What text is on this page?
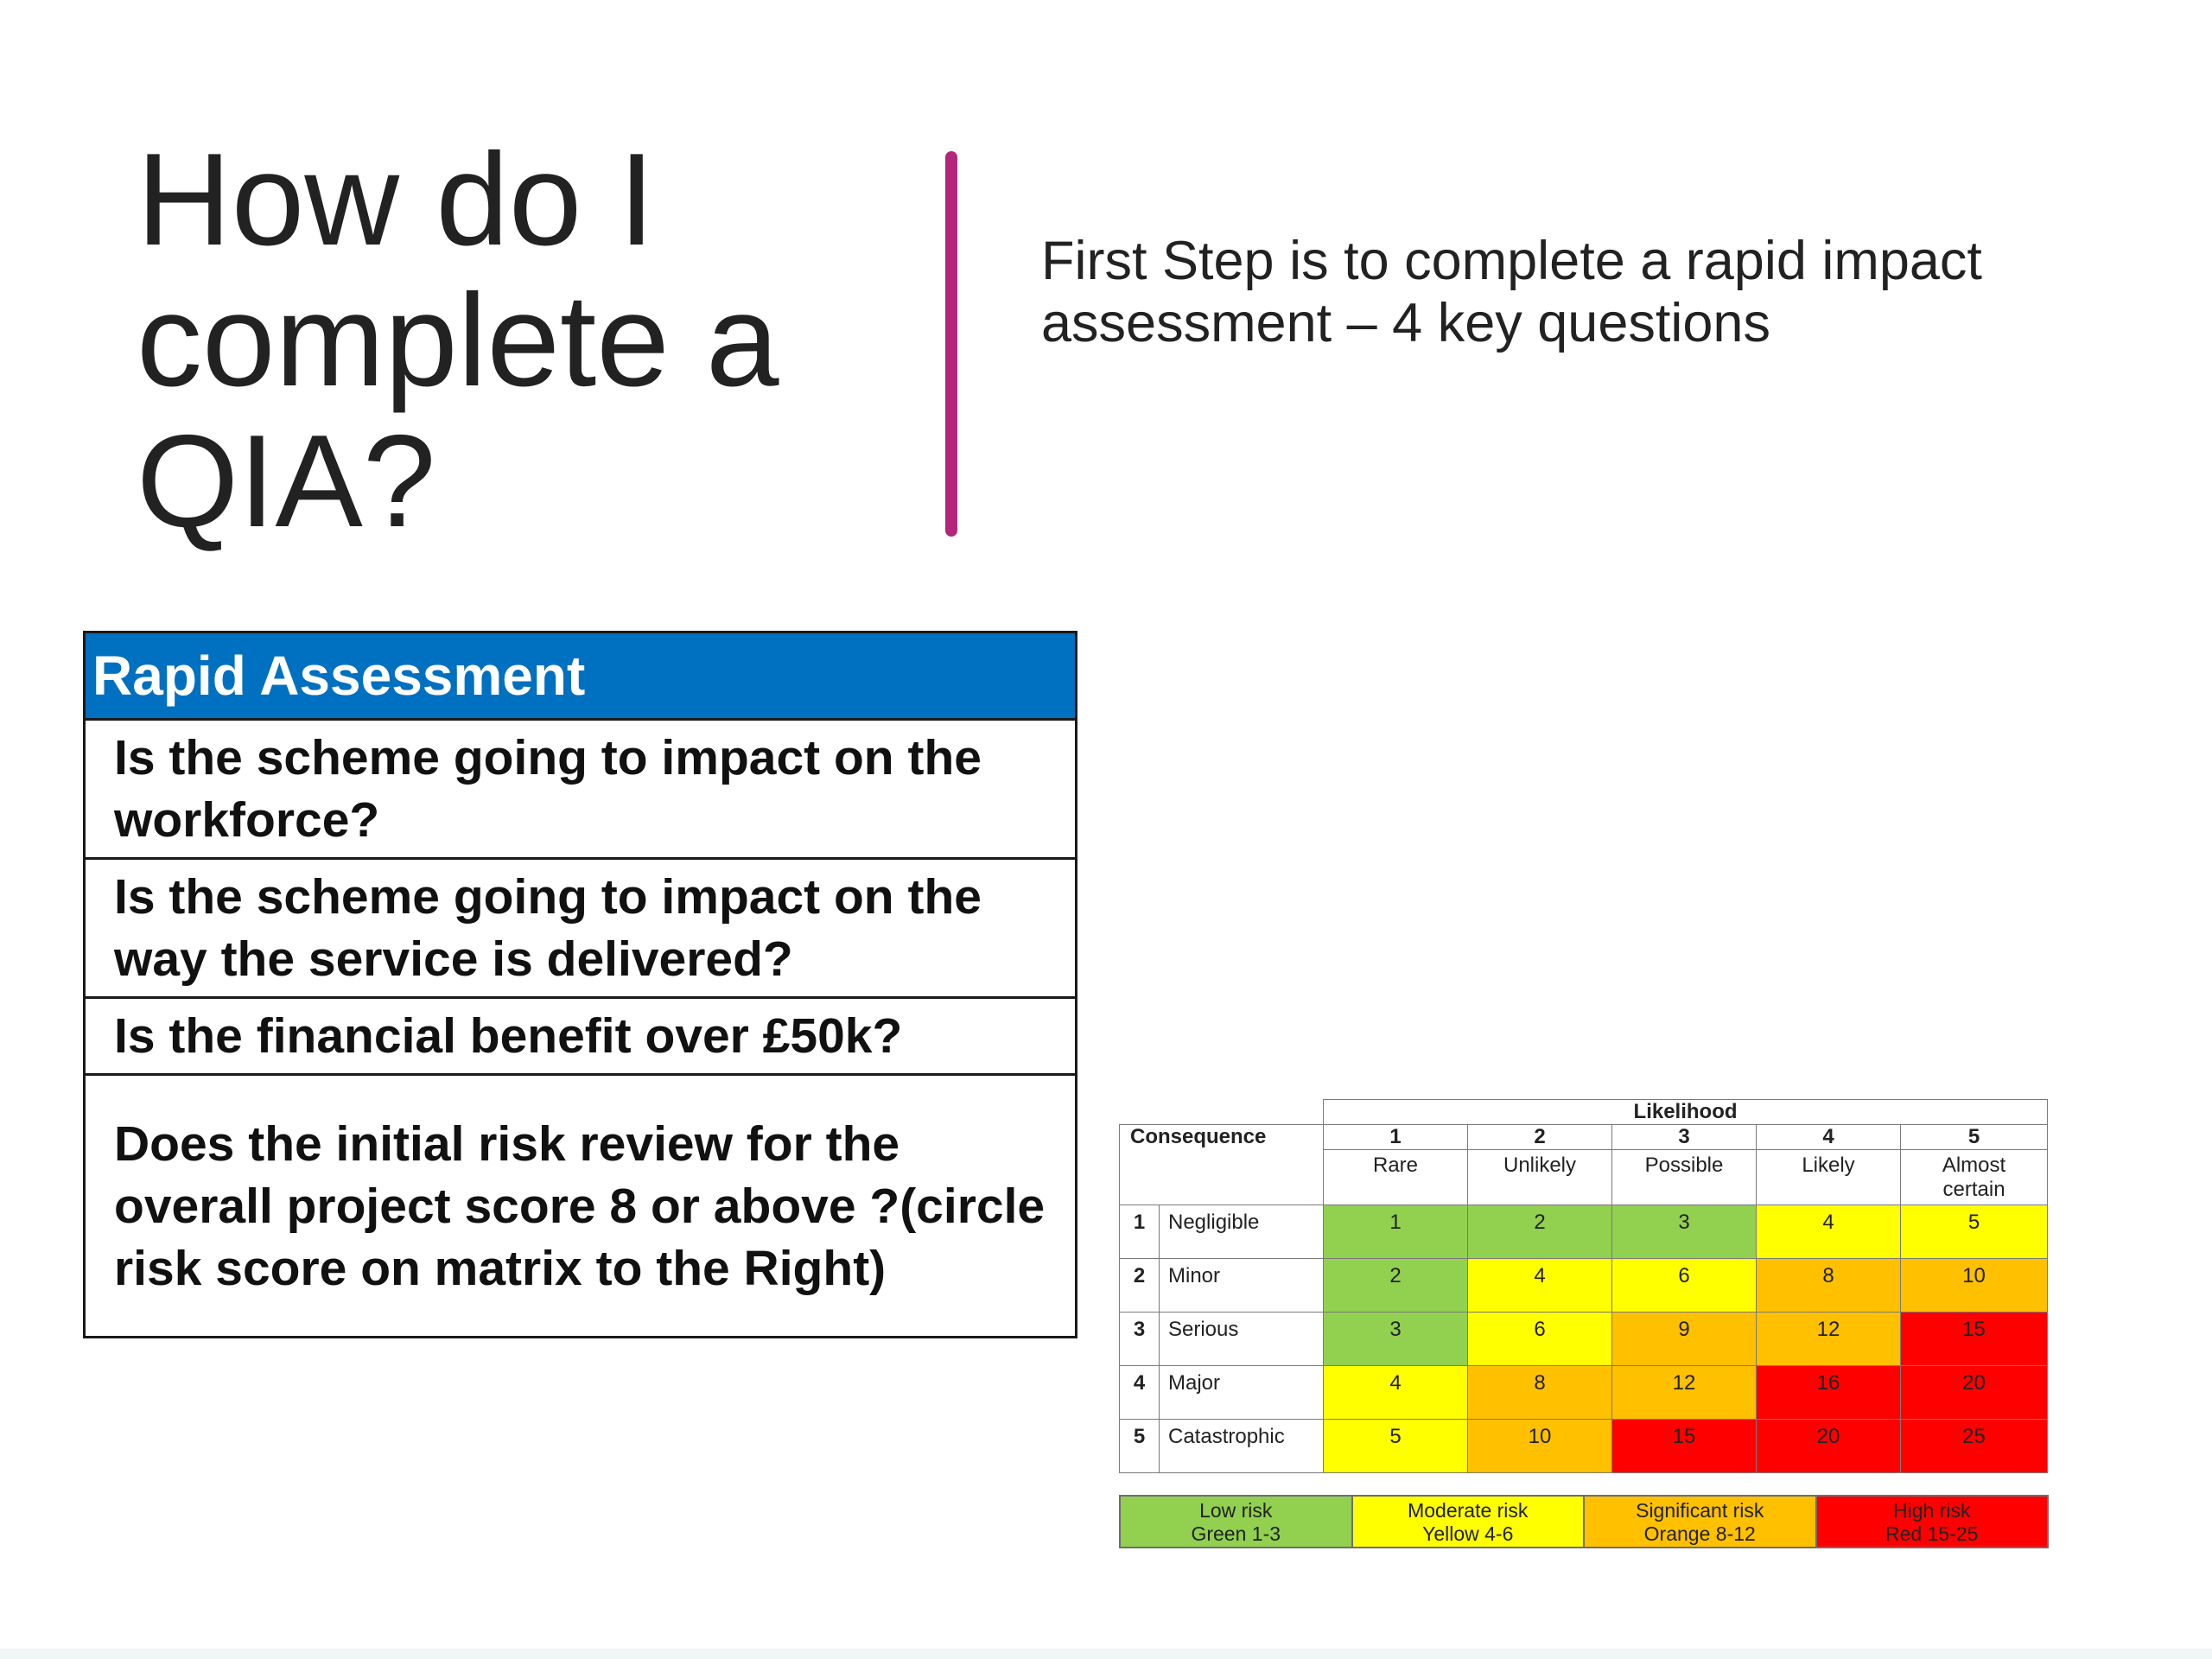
How do I complete a QIA?

First Step is to complete a rapid impact assessment – 4 key questions

Rapid Assessment
Is the scheme going to impact on the workforce?
Is the scheme going to impact on the way the service is delivered?
Is the financial benefit over £50k?
Does the initial risk review for the overall project score 8 or above ?(circle risk score on matrix to the Right)
		Likelihood				
Consequence		1	2	3	4	5
		Rare	Unlikely	Possible	Likely	Almost certain
1	Negligible	1	2	3	4	5
2	Minor	2	4	6	8	10
3	Serious	3	6	9	12	15
4	Major	4	8	12	16	20
5	Catastrophic	5	10	15	20	25
Low risk
Green 1-3
Moderate risk
Yellow 4-6
Significant risk
Orange 8-12
High risk
Red 15-25
